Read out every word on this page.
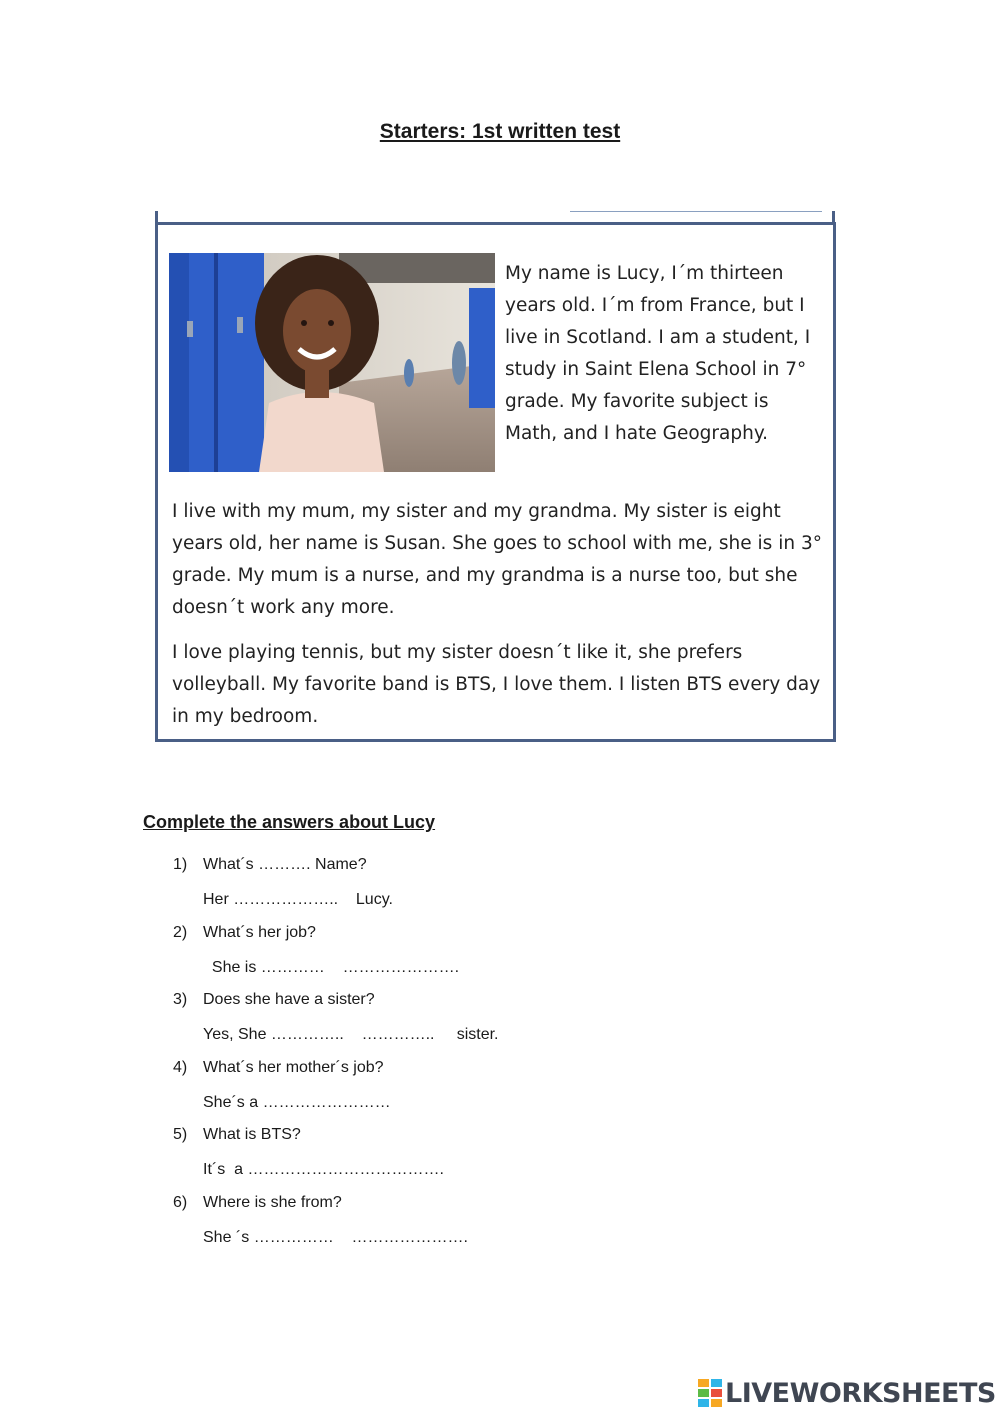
Starters: 1st written test

My name is Lucy, I´m thirteen years old. I´m from France, but I live in Scotland. I am a student, I study in Saint Elena School in 7° grade. My favorite subject is Math, and I hate Geography.

I live with my mum, my sister and my grandma. My sister is eight years old, her name is Susan. She goes to school with me, she is in 3° grade. My mum is a nurse, and my grandma is a nurse too, but she doesn´t work any more.

I love playing tennis, but my sister doesn´t like it, she prefers volleyball. My favorite band is BTS, I love them. I listen BTS every day in my bedroom.

Complete the answers about Lucy
1) What´s ………. Name?
Her ………………..    Lucy.
2) What´s her job?
She is …………    ………………….
3) Does she have a sister?
Yes, She …………..    …………..     sister.
4) What´s her mother´s job?
She´s a ……………………
5) What is BTS?
It´s  a ……………………………….
6) Where is she from?
She ´s ……………    ………………….
LIVEWORKSHEETS
